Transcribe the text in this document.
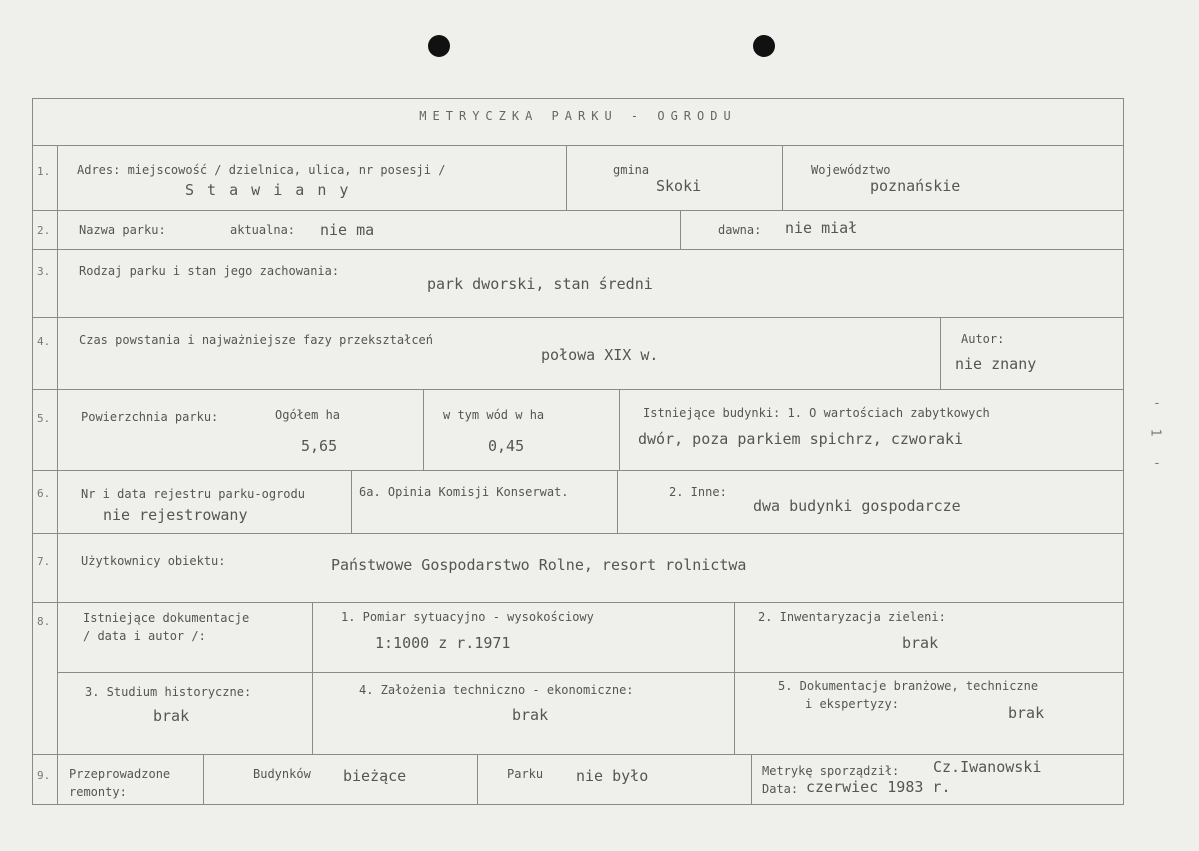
-
1
-
METRYCZKA PARKU - OGRODU
1. Adres: miejscowość / dzielnica, ulica, nr posesji /
S t a w i a n y
gmina
Skoki
Województwo
poznańskie
2. Nazwa parku:	aktualna: nie ma	dawna: nie miał
3. Rodzaj parku i stan jego zachowania:
park dworski, stan średni
4. Czas powstania i najważniejsze fazy przekształceń
połowa XIX w.
Autor:
nie znany
5.	Powierzchnia parku:	Ogółem ha
5,65
w tym wód w ha
0,45
Istniejące budynki: 1. O wartościach zabytkowych
dwór, poza parkiem spichrz, czworaki
6.	Nr i data rejestru parku-ogrodu
nie rejestrowany
6a. Opinia Komisji Konserwat.	2. Inne:
dwa budynki gospodarcze
7.	Użytkownicy obiektu:	Państwowe Gospodarstwo Rolne, resort rolnictwa
8.	Istniejące dokumentacje
/ data i autor /:
1. Pomiar sytuacyjno - wysokościowy
1:1000 z r.1971
2. Inwentaryzacja zieleni:
brak
3. Studium historyczne:
brak
4. Założenia techniczno - ekonomiczne:
brak
5. Dokumentacje branżowe, techniczne
i ekspertyzy:	brak
9. Przeprowadzone
remonty:
Budynków bieżące	Parku nie było	Metrykę sporządził: Cz.Iwanowski
Data: czerwiec 1983 r.
